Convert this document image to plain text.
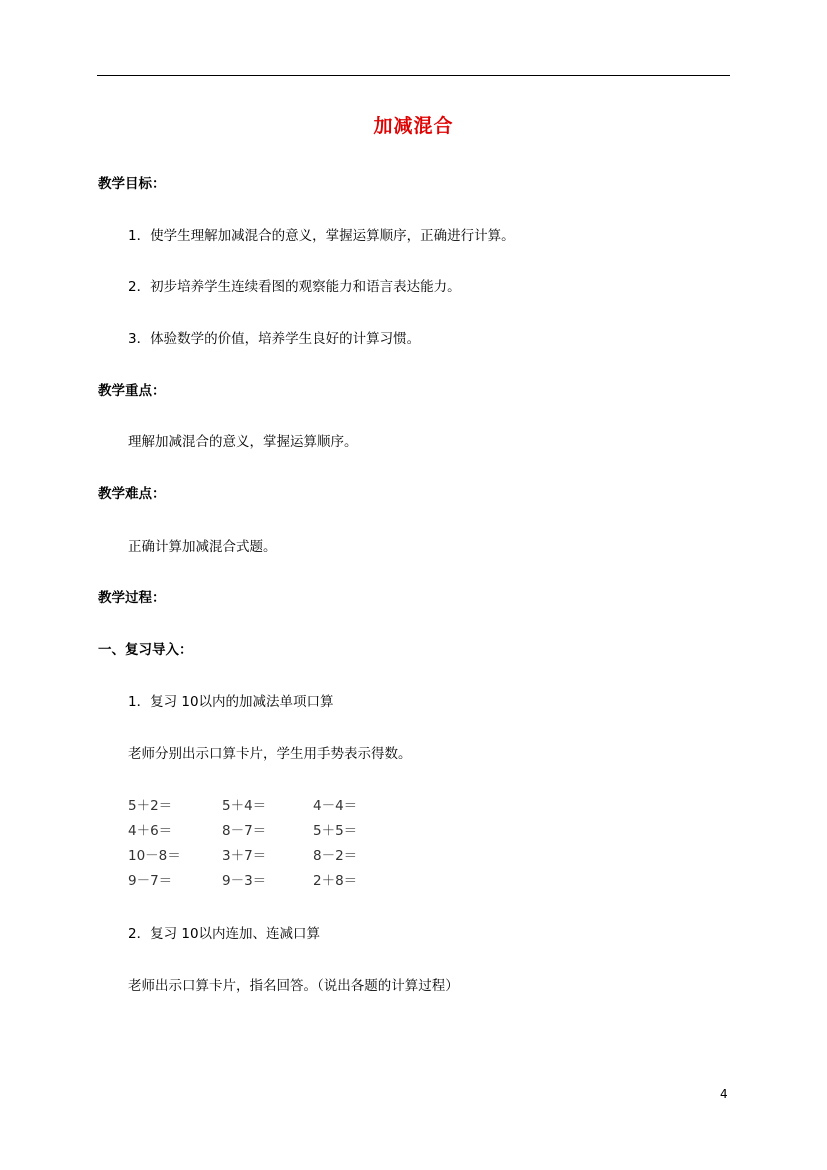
加减混合
教学目标：
1．使学生理解加减混合的意义，掌握运算顺序，正确进行计算。
2．初步培养学生连续看图的观察能力和语言表达能力。
3．体验数学的价值，培养学生良好的计算习惯。
教学重点：
理解加减混合的意义，掌握运算顺序。
教学难点：
正确计算加减混合式题。
教学过程：
一、复习导入：
1．复习 10以内的加减法单项口算
老师分别出示口算卡片，学生用手势表示得数。
5＋2＝	5＋4＝	4－4＝
4＋6＝	8－7＝	5＋5＝
10－8＝	3＋7＝	8－2＝
9－7＝	9－3＝	2＋8＝
2．复习 10以内连加、连减口算
老师出示口算卡片，指名回答。（说出各题的计算过程）
4
